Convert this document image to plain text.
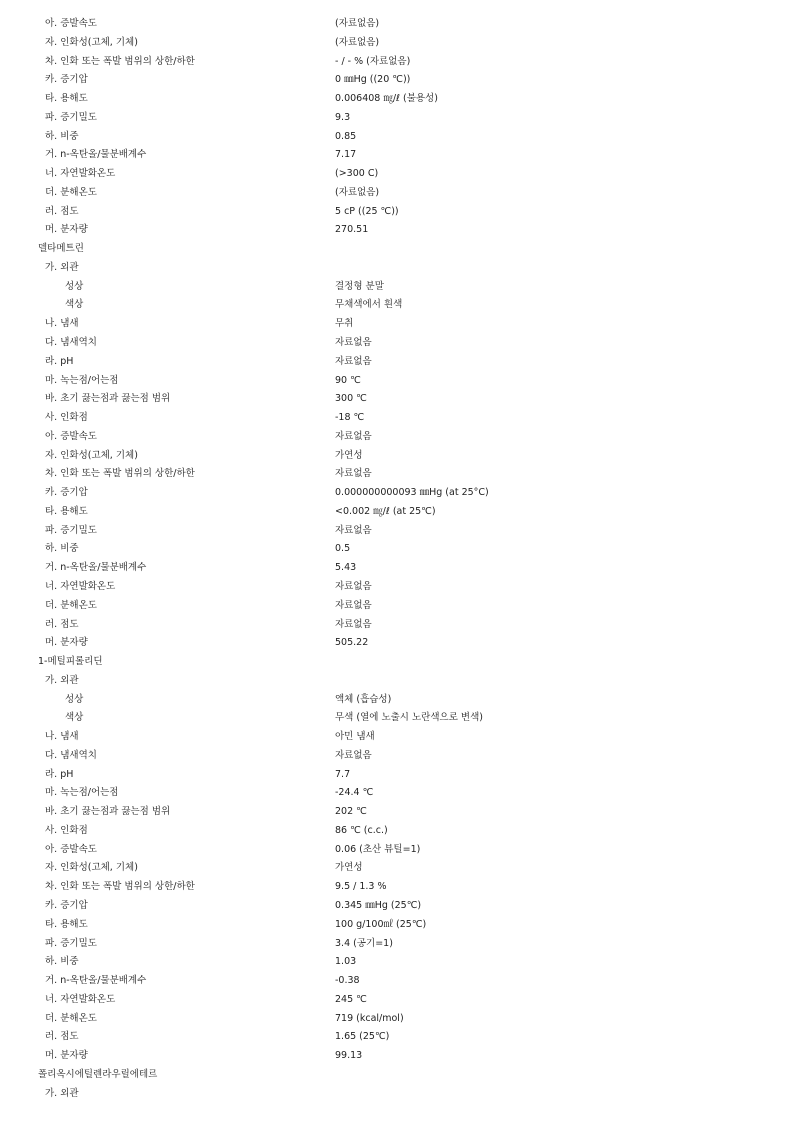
아. 증발속도	(자료없음)
자. 인화성(고체, 기체)	(자료없음)
차. 인화 또는 폭발 범위의 상한/하한	- / - % (자료없음)
카. 증기압	0 ㎜Hg ((20 ℃))
타. 용해도	0.006408 ㎎/ℓ (불용성)
파. 증기밀도	9.3
하. 비중	0.85
거. n-옥탄올/물분배계수	7.17
너. 자연발화온도	(>300 C)
더. 분해온도	(자료없음)
러. 점도	5 cP ((25 ℃))
머. 분자량	270.51
델타메트린
가. 외관
성상	결정형 분말
색상	무채색에서 흰색
나. 냄새	무취
다. 냄새역치	자료없음
라. pH	자료없음
마. 녹는점/어는점	90 ℃
바. 초기 끓는점과 끓는점 범위	300 ℃
사. 인화점	-18 ℃
아. 증발속도	자료없음
자. 인화성(고체, 기체)	가연성
차. 인화 또는 폭발 범위의 상한/하한	자료없음
카. 증기압	0.000000000093 ㎜Hg (at 25°C)
타. 용해도	<0.002 ㎎/ℓ (at 25℃)
파. 증기밀도	자료없음
하. 비중	0.5
거. n-옥탄올/물분배계수	5.43
너. 자연발화온도	자료없음
더. 분해온도	자료없음
러. 점도	자료없음
머. 분자량	505.22
1-메틸피롤리딘
가. 외관
성상	액체 (흡습성)
색상	무색 (열에 노출시 노란색으로 변색)
나. 냄새	아민 냄새
다. 냄새역치	자료없음
라. pH	7.7
마. 녹는점/어는점	-24.4 ℃
바. 초기 끓는점과 끓는점 범위	202 ℃
사. 인화점	86 ℃ (c.c.)
아. 증발속도	0.06 (초산 뷰틸=1)
자. 인화성(고체, 기체)	가연성
차. 인화 또는 폭발 범위의 상한/하한	9.5 / 1.3 %
카. 증기압	0.345 ㎜Hg (25℃)
타. 용해도	100 g/100㎖ (25℃)
파. 증기밀도	3.4 (공기=1)
하. 비중	1.03
거. n-옥탄올/물분배계수	-0.38
너. 자연발화온도	245 ℃
더. 분해온도	719 (kcal/mol)
러. 점도	1.65 (25℃)
머. 분자량	99.13
폴리옥시에틸렌라우릴에테르
가. 외관
